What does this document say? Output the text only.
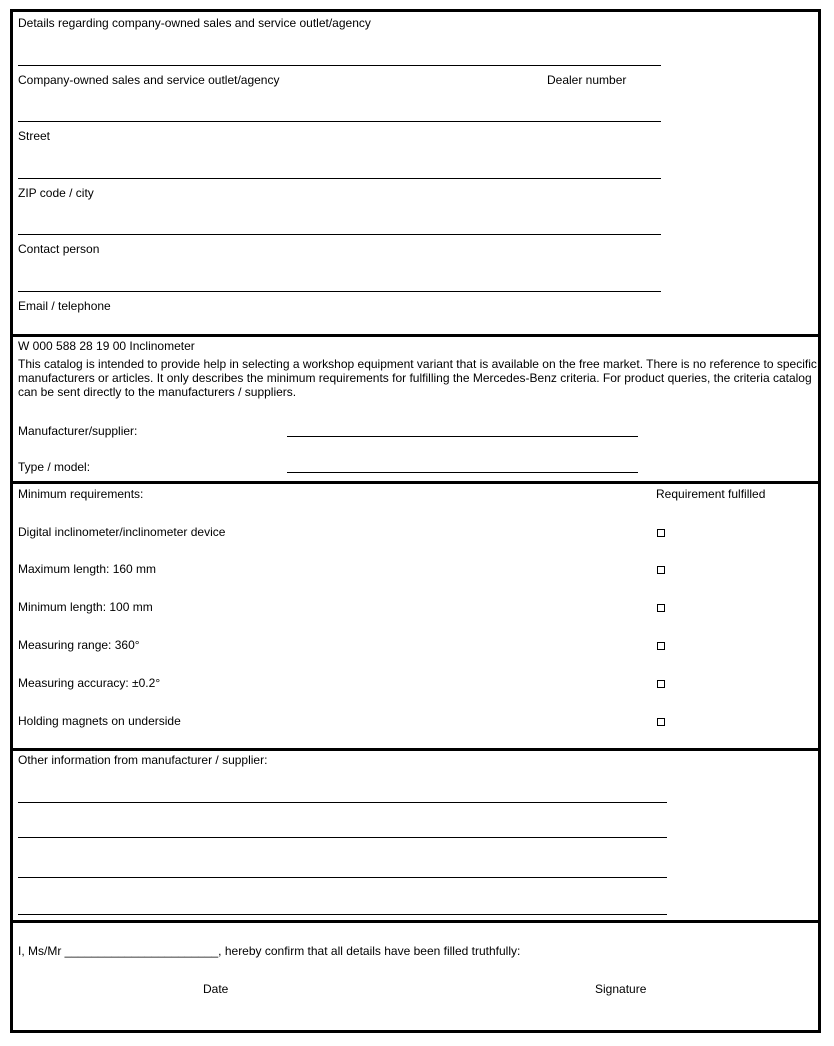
Details regarding company-owned sales and service outlet/agency
Company-owned sales and service outlet/agency	Dealer number
Street
ZIP code / city
Contact person
Email / telephone
W 000 588 28 19 00 Inclinometer
This catalog is intended to provide help in selecting a workshop equipment variant that is available on the free market. There is no reference to specific manufacturers or articles. It only describes the minimum requirements for fulfilling the Mercedes-Benz criteria. For product queries, the criteria catalog can be sent directly to the manufacturers / suppliers.
Manufacturer/supplier:
Type / model:
Minimum requirements:	Requirement fulfilled
Digital inclinometer/inclinometer device
Maximum length: 160 mm
Minimum length: 100 mm
Measuring range: 360°
Measuring accuracy: ±0.2°
Holding magnets on underside
Other information from manufacturer / supplier:
I, Ms/Mr _______________________, hereby confirm that all details have been filled truthfully:
Date	Signature
